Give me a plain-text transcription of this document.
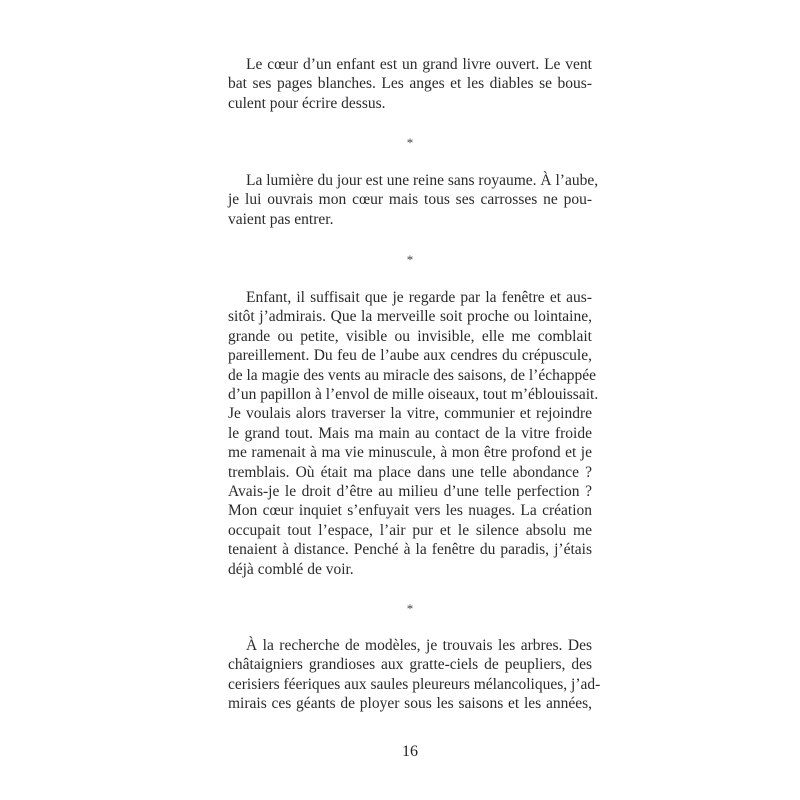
Le cœur d’un enfant est un grand livre ouvert. Le vent
bat ses pages blanches. Les anges et les diables se bous-
culent pour écrire dessus.
*
La lumière du jour est une reine sans royaume. À l’aube,
je lui ouvrais mon cœur mais tous ses carrosses ne pou-
vaient pas entrer.
*
Enfant, il suffisait que je regarde par la fenêtre et aus-
sitôt j’admirais. Que la merveille soit proche ou lointaine,
grande ou petite, visible ou invisible, elle me comblait
pareillement. Du feu de l’aube aux cendres du crépuscule,
de la magie des vents au miracle des saisons, de l’échappée
d’un papillon à l’envol de mille oiseaux, tout m’éblouissait.
Je voulais alors traverser la vitre, communier et rejoindre
le grand tout. Mais ma main au contact de la vitre froide
me ramenait à ma vie minuscule, à mon être profond et je
tremblais. Où était ma place dans une telle abondance ?
Avais-je le droit d’être au milieu d’une telle perfection ?
Mon cœur inquiet s’enfuyait vers les nuages. La création
occupait tout l’espace, l’air pur et le silence absolu me
tenaient à distance. Penché à la fenêtre du paradis, j’étais
déjà comblé de voir.
*
À la recherche de modèles, je trouvais les arbres. Des
châtaigniers grandioses aux gratte-ciels de peupliers, des
cerisiers féeriques aux saules pleureurs mélancoliques, j’ad-
mirais ces géants de ployer sous les saisons et les années,
16
